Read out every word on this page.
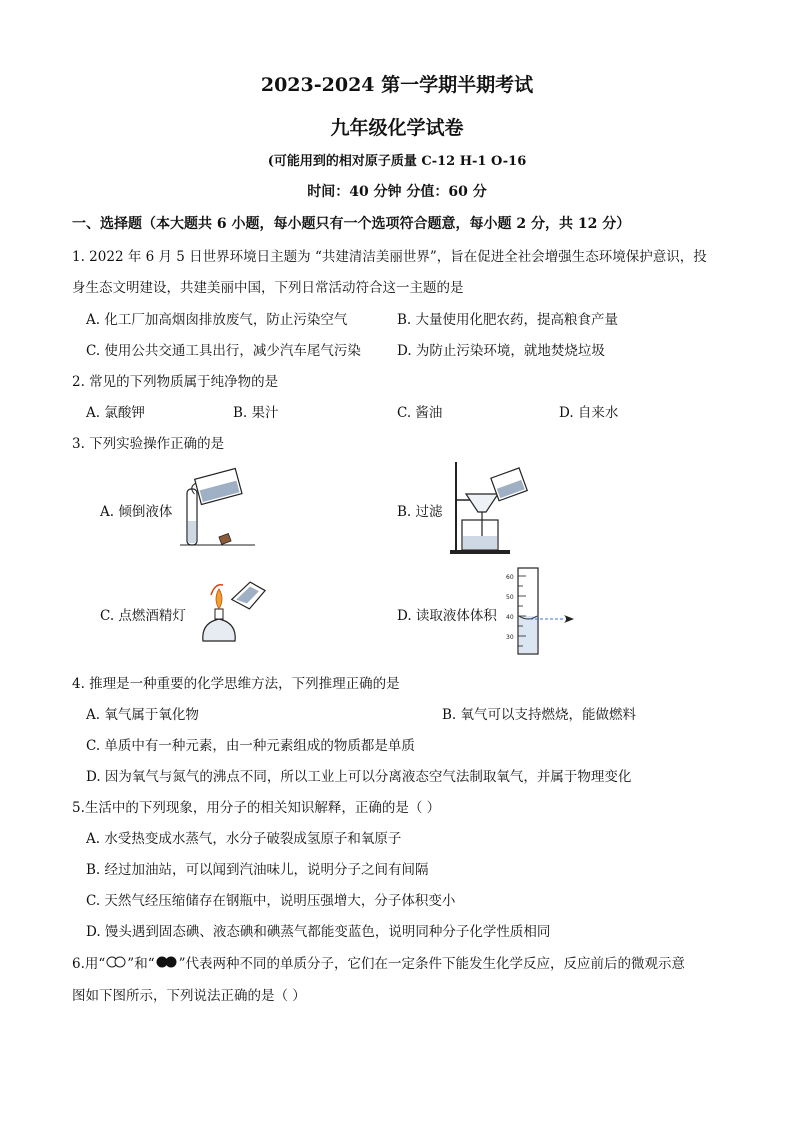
2023-2024 第一学期半期考试
九年级化学试卷
(可能用到的相对原子质量 C-12 H-1 O-16
时间：40 分钟 分值：60 分
一、选择题（本大题共 6 小题，每小题只有一个选项符合题意，每小题 2 分，共 12 分）
1. 2022 年 6 月 5 日世界环境日主题为 “共建清洁美丽世界”，旨在促进全社会增强生态环境保护意识，投
身生态文明建设，共建美丽中国，下列日常活动符合这一主题的是
A. 化工厂加高烟囱排放废气，防止污染空气	B. 大量使用化肥农药，提高粮食产量
C. 使用公共交通工具出行，减少汽车尾气污染	D. 为防止污染环境，就地焚烧垃圾
2. 常见的下列物质属于纯净物的是
A. 氯酸钾	B. 果汁	C. 酱油	D. 自来水
3. 下列实验操作正确的是
A. 倾倒液体	B. 过滤
C. 点燃酒精灯	D. 读取液体体积
60
50
40
30
4. 推理是一种重要的化学思维方法，下列推理正确的是
A. 氧气属于氧化物	B. 氧气可以支持燃烧，能做燃料
C. 单质中有一种元素，由一种元素组成的物质都是单质
D. 因为氧气与氮气的沸点不同，所以工业上可以分离液态空气法制取氧气，并属于物理变化
5.生活中的下列现象，用分子的相关知识解释，正确的是（ ）
A. 水受热变成水蒸气，水分子破裂成氢原子和氧原子
B. 经过加油站，可以闻到汽油味儿，说明分子之间有间隔
C. 天然气经压缩储存在钢瓶中，说明压强增大，分子体积变小
D. 馒头遇到固态碘、液态碘和碘蒸气都能变蓝色，说明同种分子化学性质相同
6.用“ ”和“ ”代表两种不同的单质分子，它们在一定条件下能发生化学反应，反应前后的微观示意
图如下图所示，下列说法正确的是（ ）
